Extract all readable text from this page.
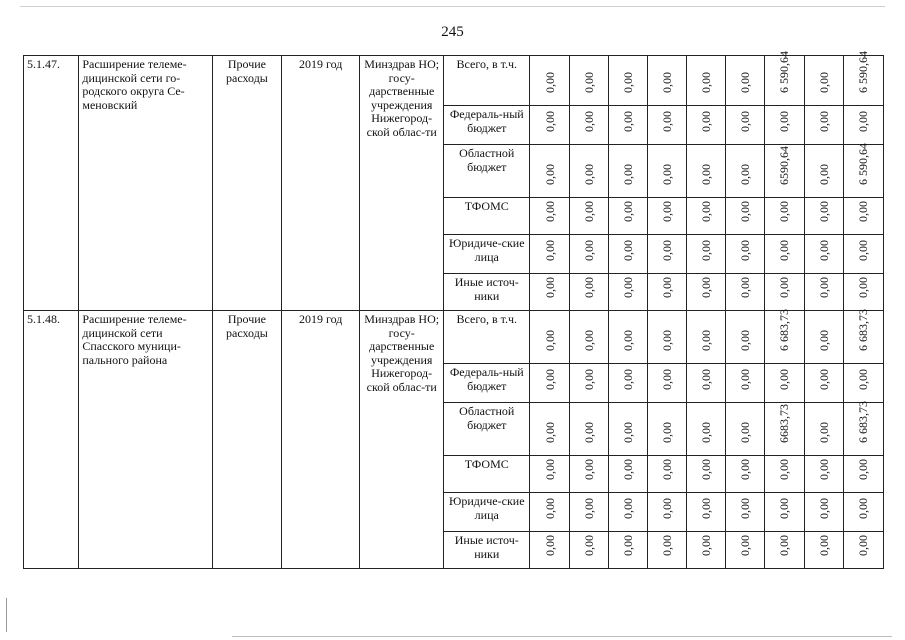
245
5.1.47.	Расширение телеме-дицинской сети го-родского округа Се-меновский	Прочие расходы	2019 год	Минздрав НО; госу-дарственные учреждения Нижегород-ской облас-ти	Всего, в т.ч.	0,00	0,00	0,00	0,00	0,00	0,00	6 590,64	0,00	6 590,64

					Федераль-ный бюджет	0,00	0,00	0,00	0,00	0,00	0,00	0,00	0,00	0,00

					Областной бюджет	0,00	0,00	0,00	0,00	0,00	0,00	6590,64	0,00	6 590,64

					ТФОМС	0,00	0,00	0,00	0,00	0,00	0,00	0,00	0,00	0,00

					Юридиче-ские лица	0,00	0,00	0,00	0,00	0,00	0,00	0,00	0,00	0,00

					Иные источ-ники	0,00	0,00	0,00	0,00	0,00	0,00	0,00	0,00	0,00

5.1.48.	Расширение телеме-дицинской сети Спасского муници-пального района	Прочие расходы	2019 год	Минздрав НО; госу-дарственные учреждения Нижегород-ской облас-ти	Всего, в т.ч.	0,00	0,00	0,00	0,00	0,00	0,00	6 683,73	0,00	6 683,73

					Федераль-ный бюджет	0,00	0,00	0,00	0,00	0,00	0,00	0,00	0,00	0,00

					Областной бюджет	0,00	0,00	0,00	0,00	0,00	0,00	6683,73	0,00	6 683,73

					ТФОМС	0,00	0,00	0,00	0,00	0,00	0,00	0,00	0,00	0,00

					Юридиче-ские лица	0,00	0,00	0,00	0,00	0,00	0,00	0,00	0,00	0,00

					Иные источ-ники	0,00	0,00	0,00	0,00	0,00	0,00	0,00	0,00	0,00
